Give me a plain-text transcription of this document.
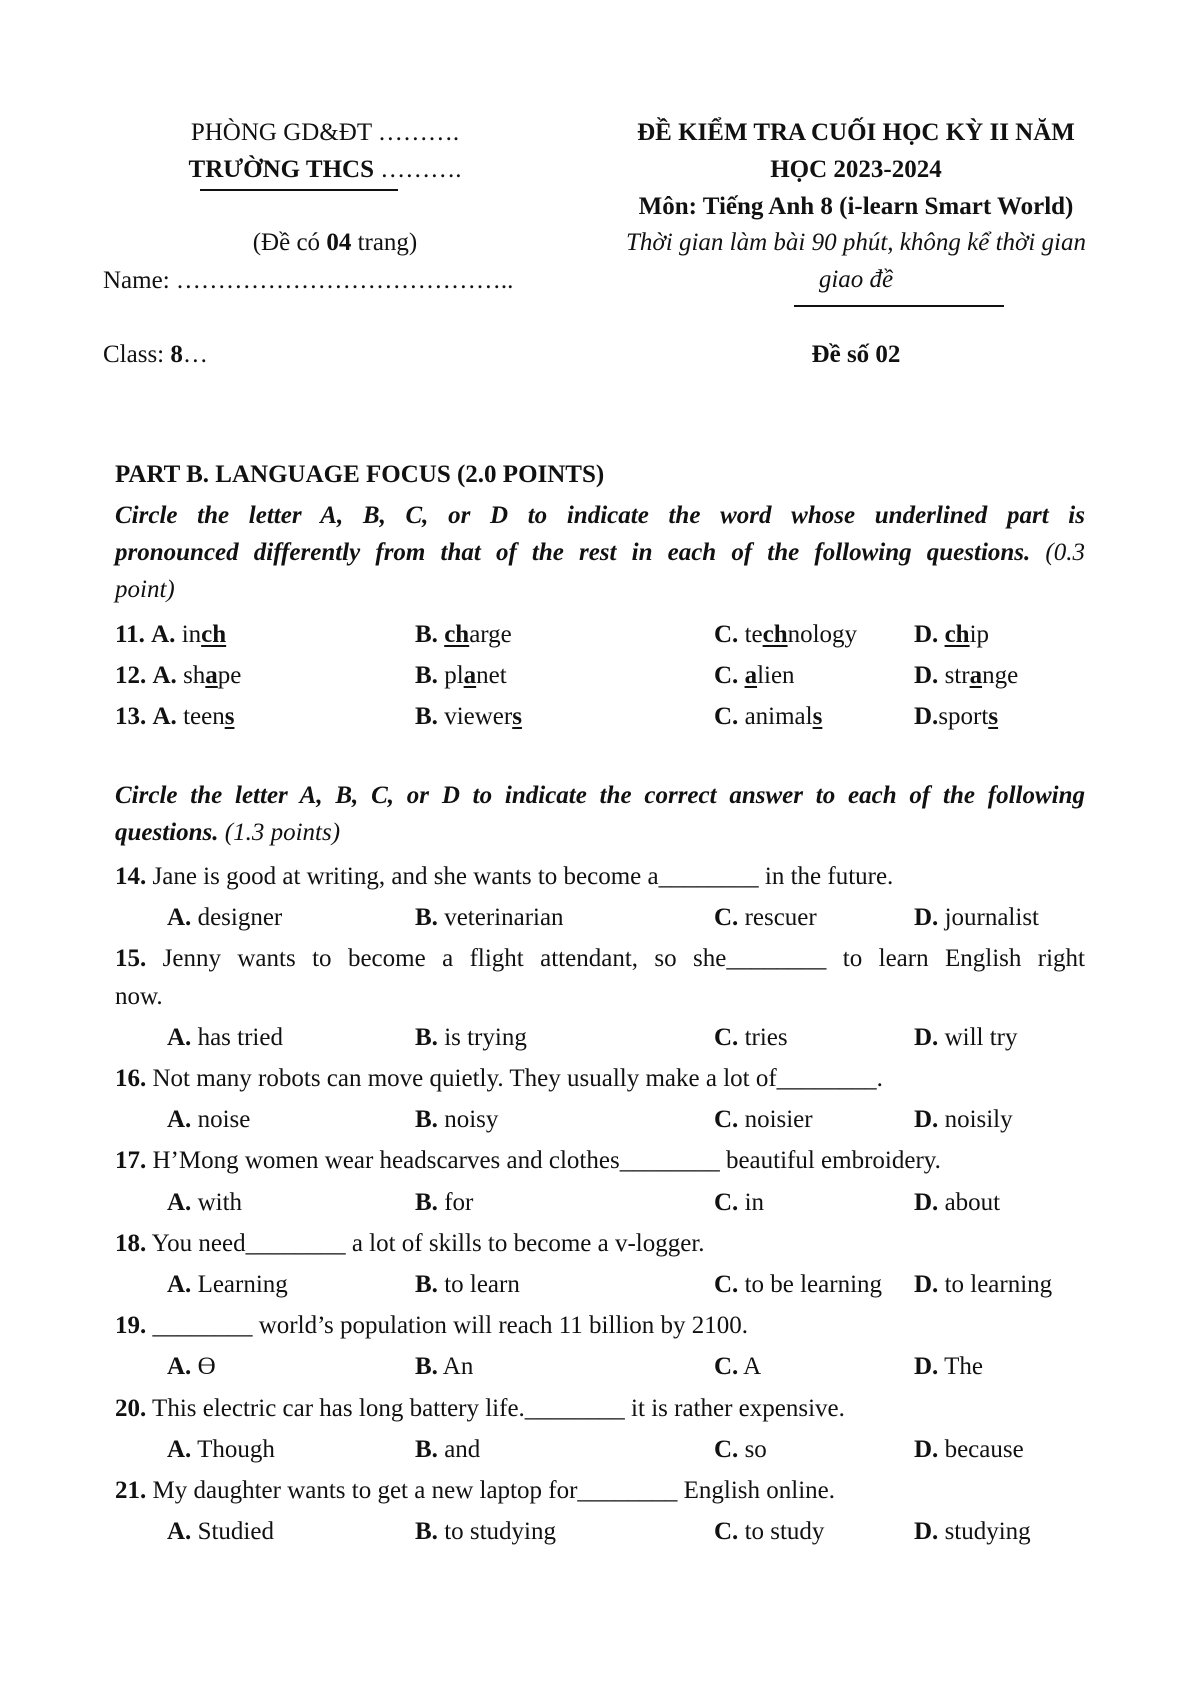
PHÒNG GD&ĐT ……….
TRƯỜNG THCS ……….
(Đề có 04 trang)
Name: …………………………………..
Class: 8…
ĐỀ KIỂM TRA CUỐI HỌC KỲ II NĂM
HỌC 2023-2024
Môn: Tiếng Anh 8 (i-learn Smart World)
Thời gian làm bài 90 phút, không kể thời gian
giao đề
Đề số 02
PART B. LANGUAGE FOCUS (2.0 POINTS)
Circle the letter A, B, C, or D to indicate the word whose underlined part is
pronounced differently from that of the rest in each of the following questions. (0.3
point)
11. A. inch	B. charge	C. technology D. chip
12. A. shape	B. planet	C. alien	D. strange
13. A. teens	B. viewers	C. animals	D.sports
Circle the letter A, B, C, or D to indicate the correct answer to each of the following
questions. (1.3 points)
14. Jane is good at writing, and she wants to become a________ in the future.
A. designer	B. veterinarian	C. rescuer	D. journalist
15. Jenny wants to become a flight attendant, so she________ to learn English right
now.
A. has tried	B. is trying	C. tries	D. will try
16. Not many robots can move quietly. They usually make a lot of________.
A. noise	B. noisy	C. noisier	D. noisily
17. H’Mong women wear headscarves and clothes________ beautiful embroidery.
A. with	B. for	C. in	D. about
18. You need________ a lot of skills to become a v-logger.
A. Learning	B. to learn	C. to be learning D. to learning
19. ________ world’s population will reach 11 billion by 2100.
A. ϴ	B. An	C. A	D. The
20. This electric car has long battery life.________ it is rather expensive.
A. Though	B. and	C. so	D. because
21. My daughter wants to get a new laptop for________ English online.
A. Studied	B. to studying	C. to study	D. studying
